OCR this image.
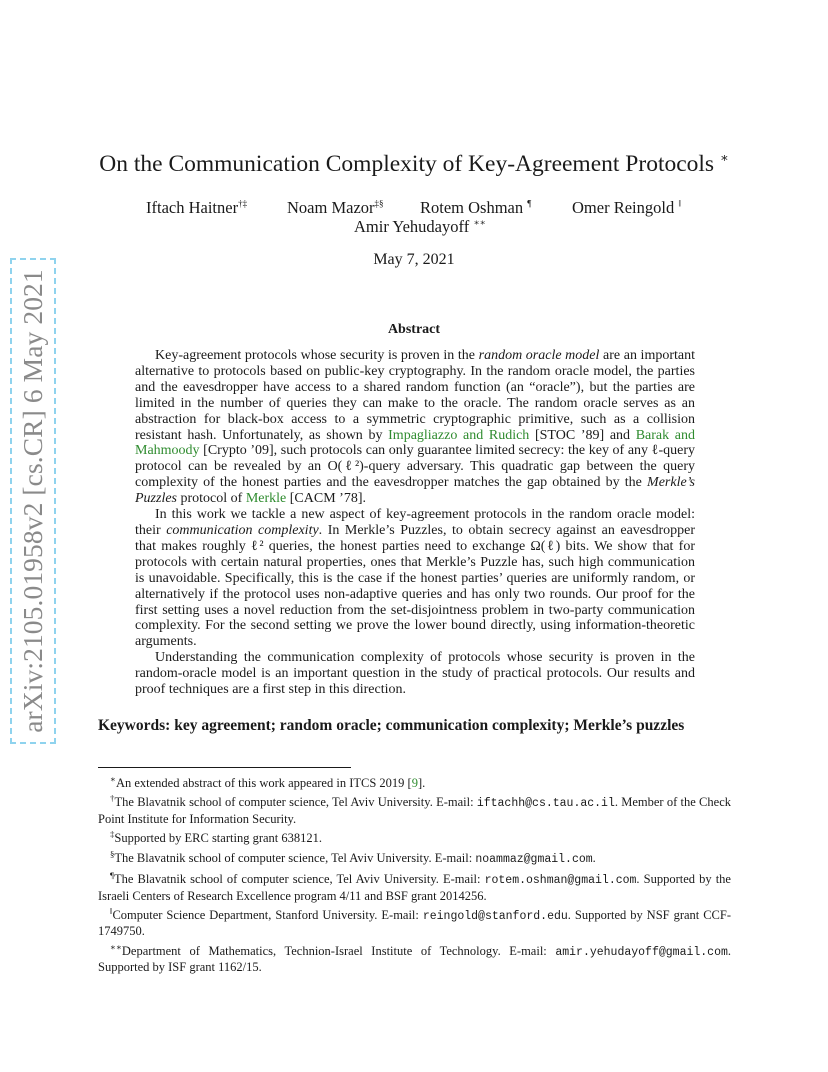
arXiv:2105.01958v2 [cs.CR] 6 May 2021
On the Communication Complexity of Key-Agreement Protocols ∗
Iftach Haitner†‡ Noam Mazor‡§ Rotem Oshman ¶ Omer Reingold ‖
Amir Yehudayoff ∗∗
May 7, 2021
Abstract

Key-agreement protocols whose security is proven in the random oracle model are an important alternative to protocols based on public-key cryptography. In the random oracle model, the parties and the eavesdropper have access to a shared random function (an “oracle”), but the parties are limited in the number of queries they can make to the oracle. The random oracle serves as an abstraction for black-box access to a symmetric cryptographic primitive, such as a collision resistant hash. Unfortunately, as shown by Impagliazzo and Rudich [STOC ’89] and Barak and Mahmoody [Crypto ’09], such protocols can only guarantee limited secrecy: the key of any ℓ-query protocol can be revealed by an O(ℓ²)-query adversary. This quadratic gap between the query complexity of the honest parties and the eavesdropper matches the gap obtained by the Merkle’s Puzzles protocol of Merkle [CACM ’78].

In this work we tackle a new aspect of key-agreement protocols in the random oracle model: their communication complexity. In Merkle’s Puzzles, to obtain secrecy against an eavesdropper that makes roughly ℓ² queries, the honest parties need to exchange Ω(ℓ) bits. We show that for protocols with certain natural properties, ones that Merkle’s Puzzle has, such high communication is unavoidable. Specifically, this is the case if the honest parties’ queries are uniformly random, or alternatively if the protocol uses non-adaptive queries and has only two rounds. Our proof for the first setting uses a novel reduction from the set-disjointness problem in two-party communication complexity. For the second setting we prove the lower bound directly, using information-theoretic arguments.

Understanding the communication complexity of protocols whose security is proven in the random-oracle model is an important question in the study of practical protocols. Our results and proof techniques are a first step in this direction.

Keywords: key agreement; random oracle; communication complexity; Merkle’s puzzles

∗An extended abstract of this work appeared in ITCS 2019 [9].

†The Blavatnik school of computer science, Tel Aviv University. E-mail: iftachh@cs.tau.ac.il. Member of the Check Point Institute for Information Security.

‡Supported by ERC starting grant 638121.

§The Blavatnik school of computer science, Tel Aviv University. E-mail: noammaz@gmail.com.

¶The Blavatnik school of computer science, Tel Aviv University. E-mail: rotem.oshman@gmail.com. Supported by the Israeli Centers of Research Excellence program 4/11 and BSF grant 2014256.

‖Computer Science Department, Stanford University. E-mail: reingold@stanford.edu. Supported by NSF grant CCF-1749750.

∗∗Department of Mathematics, Technion-Israel Institute of Technology. E-mail: amir.yehudayoff@gmail.com. Supported by ISF grant 1162/15.
